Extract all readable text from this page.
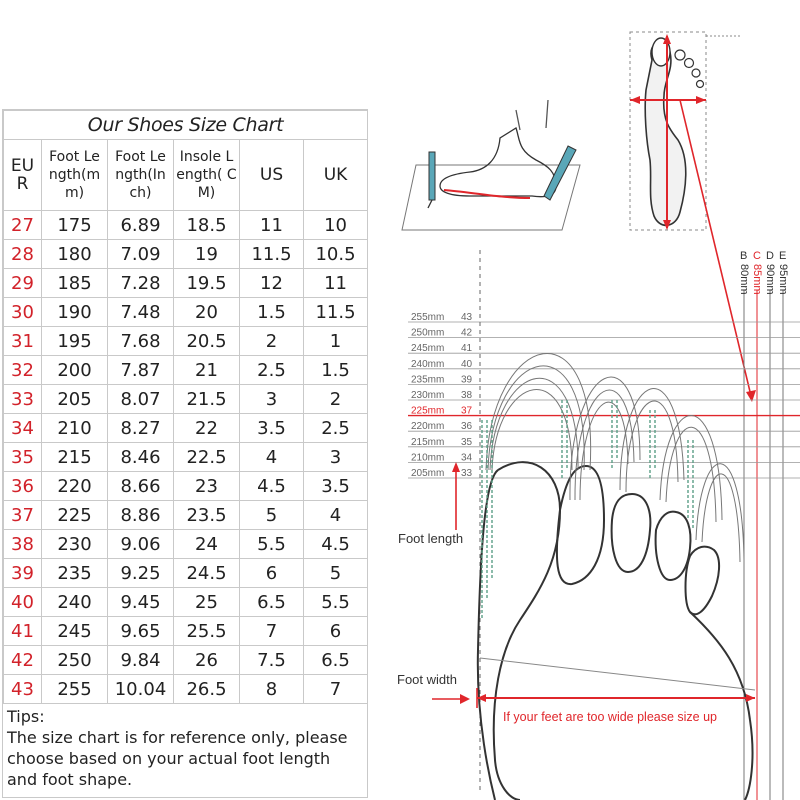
Our Shoes Size Chart					
EU R	Foot Le ngth(m m)	Foot Le ngth(In ch)	Insole L ength( CM)	US	UK
27	175	6.89	18.5	11	10
28	180	7.09	19	11.5	10.5
29	185	7.28	19.5	12	11
30	190	7.48	20	1.5	11.5
31	195	7.68	20.5	2	1
32	200	7.87	21	2.5	1.5
33	205	8.07	21.5	3	2
34	210	8.27	22	3.5	2.5
35	215	8.46	22.5	4	3
36	220	8.66	23	4.5	3.5
37	225	8.86	23.5	5	4
38	230	9.06	24	5.5	4.5
39	235	9.25	24.5	6	5
40	240	9.45	25	6.5	5.5
41	245	9.65	25.5	7	6
42	250	9.84	26	7.5	6.5
43	255	10.04	26.5	8	7
Tips:
The size chart is for reference only, please
choose based on your actual foot length
and foot shape.
B
80mm
C
85mm
D
90mm
E
95mm
255mm 43
250mm 42
245mm 41
240mm 40
235mm 39
230mm 38
225mm 37
220mm 36
215mm 35
210mm 34
205mm 33
Foot length
Foot width
If your feet are too wide please size up
